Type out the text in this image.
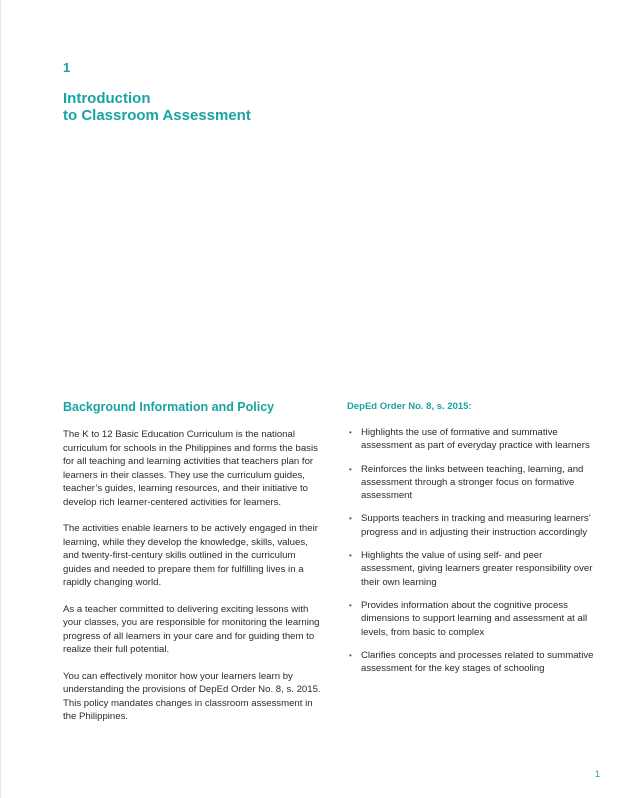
1
Introduction
to Classroom Assessment
Background Information and Policy

The K to 12 Basic Education Curriculum is the national curriculum for schools in the Philippines and forms the basis for all teaching and learning activities that teachers plan for learners in their classes. They use the curriculum guides, teacher’s guides, learning resources, and their initiative to develop rich learner-centered activities for learners.

The activities enable learners to be actively engaged in their learning, while they develop the knowledge, skills, values, and twenty-first-century skills outlined in the curriculum guides and needed to prepare them for fulfilling lives in a rapidly changing world.

As a teacher committed to delivering exciting lessons with your classes, you are responsible for monitoring the learning progress of all learners in your care and for guiding them to realize their full potential.

You can effectively monitor how your learners learn by understanding the provisions of DepEd Order No. 8, s. 2015. This policy mandates changes in classroom assessment in the Philippines.

DepEd Order No. 8, s. 2015:
• Highlights the use of formative and summative assessment as part of everyday practice with learners
• Reinforces the links between teaching, learning, and assessment through a stronger focus on formative assessment
• Supports teachers in tracking and measuring learners’ progress and in adjusting their instruction accordingly
• Highlights the value of using self- and peer assessment, giving learners greater responsibility over their own learning
• Provides information about the cognitive process dimensions to support learning and assessment at all levels, from basic to complex
• Clarifies concepts and processes related to summative assessment for the key stages of schooling
1
